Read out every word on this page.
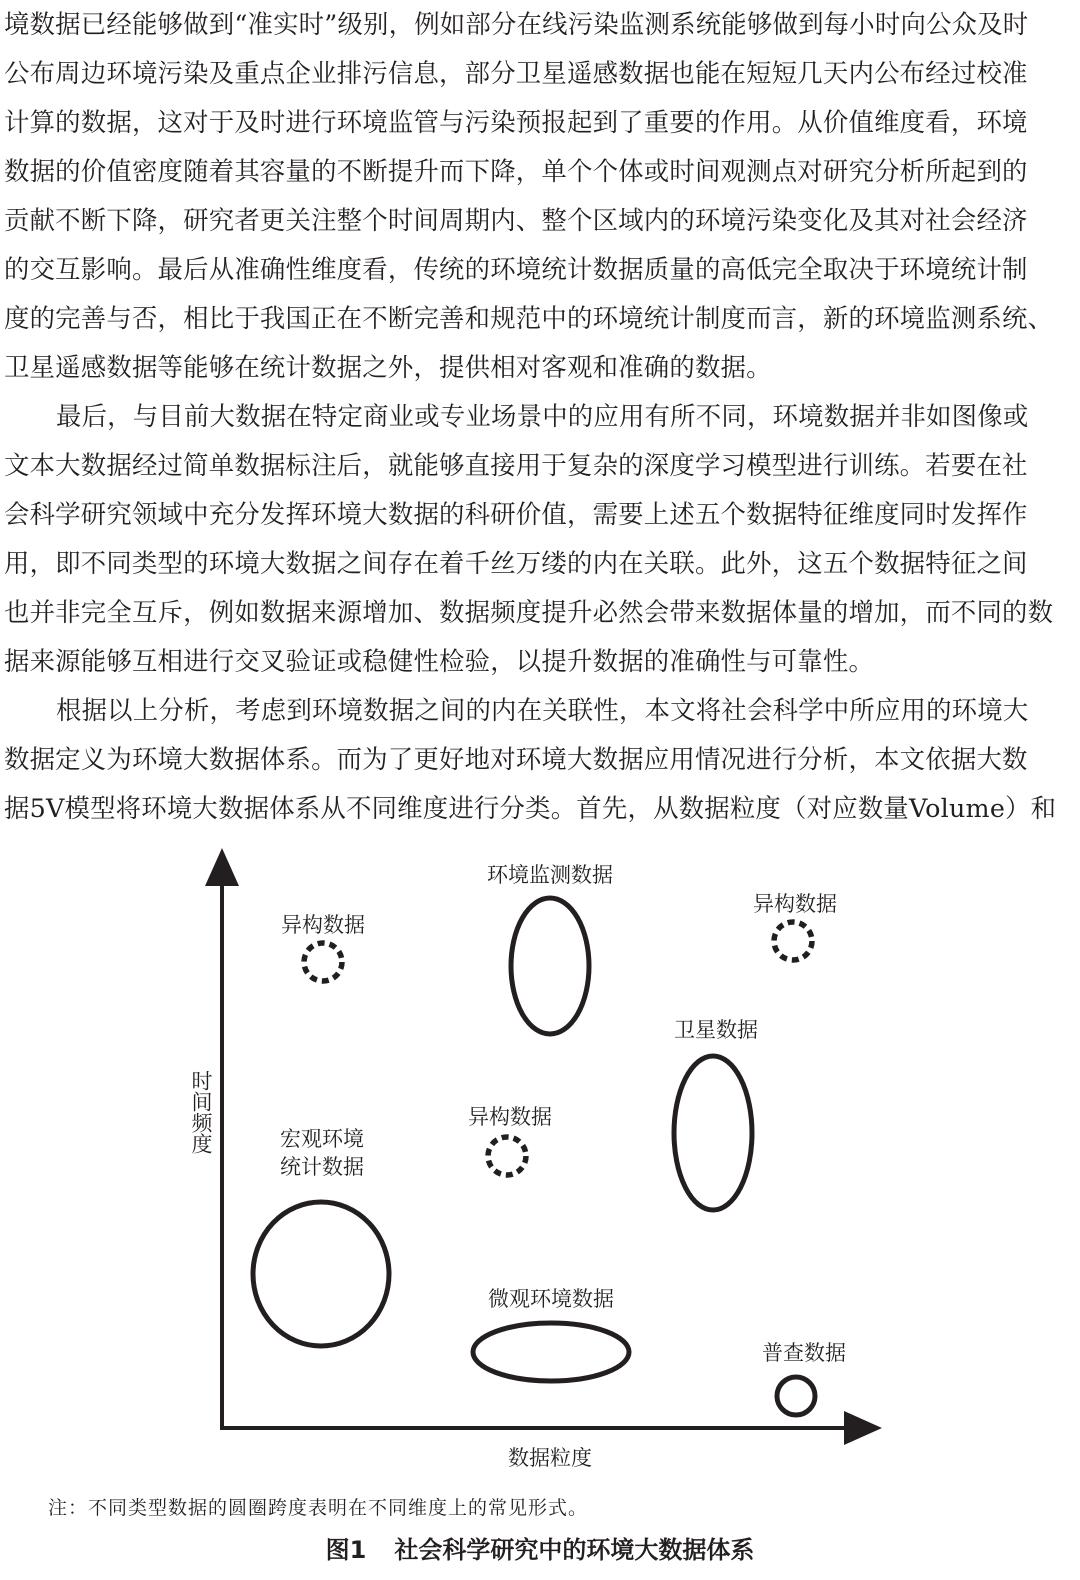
境数据已经能够做到“准实时”级别，例如部分在线污染监测系统能够做到每小时向公众及时
公布周边环境污染及重点企业排污信息，部分卫星遥感数据也能在短短几天内公布经过校准
计算的数据，这对于及时进行环境监管与污染预报起到了重要的作用。从价值维度看，环境
数据的价值密度随着其容量的不断提升而下降，单个个体或时间观测点对研究分析所起到的
贡献不断下降，研究者更关注整个时间周期内、整个区域内的环境污染变化及其对社会经济
的交互影响。最后从准确性维度看，传统的环境统计数据质量的高低完全取决于环境统计制
度的完善与否，相比于我国正在不断完善和规范中的环境统计制度而言，新的环境监测系统、
卫星遥感数据等能够在统计数据之外，提供相对客观和准确的数据。
最后，与目前大数据在特定商业或专业场景中的应用有所不同，环境数据并非如图像或
文本大数据经过简单数据标注后，就能够直接用于复杂的深度学习模型进行训练。若要在社
会科学研究领域中充分发挥环境大数据的科研价值，需要上述五个数据特征维度同时发挥作
用，即不同类型的环境大数据之间存在着千丝万缕的内在关联。此外，这五个数据特征之间
也并非完全互斥，例如数据来源增加、数据频度提升必然会带来数据体量的增加，而不同的数
据来源能够互相进行交叉验证或稳健性检验，以提升数据的准确性与可靠性。
根据以上分析，考虑到环境数据之间的内在关联性，本文将社会科学中所应用的环境大
数据定义为环境大数据体系。而为了更好地对环境大数据应用情况进行分析，本文依据大数
据5V模型将环境大数据体系从不同维度进行分类。首先，从数据粒度（对应数量Volume）和
时间频度
数据粒度
异构数据
环境监测数据
异构数据
卫星数据
异构数据
宏观环境
统计数据
微观环境数据
普查数据
注：不同类型数据的圆圈跨度表明在不同维度上的常见形式。
图1 社会科学研究中的环境大数据体系
